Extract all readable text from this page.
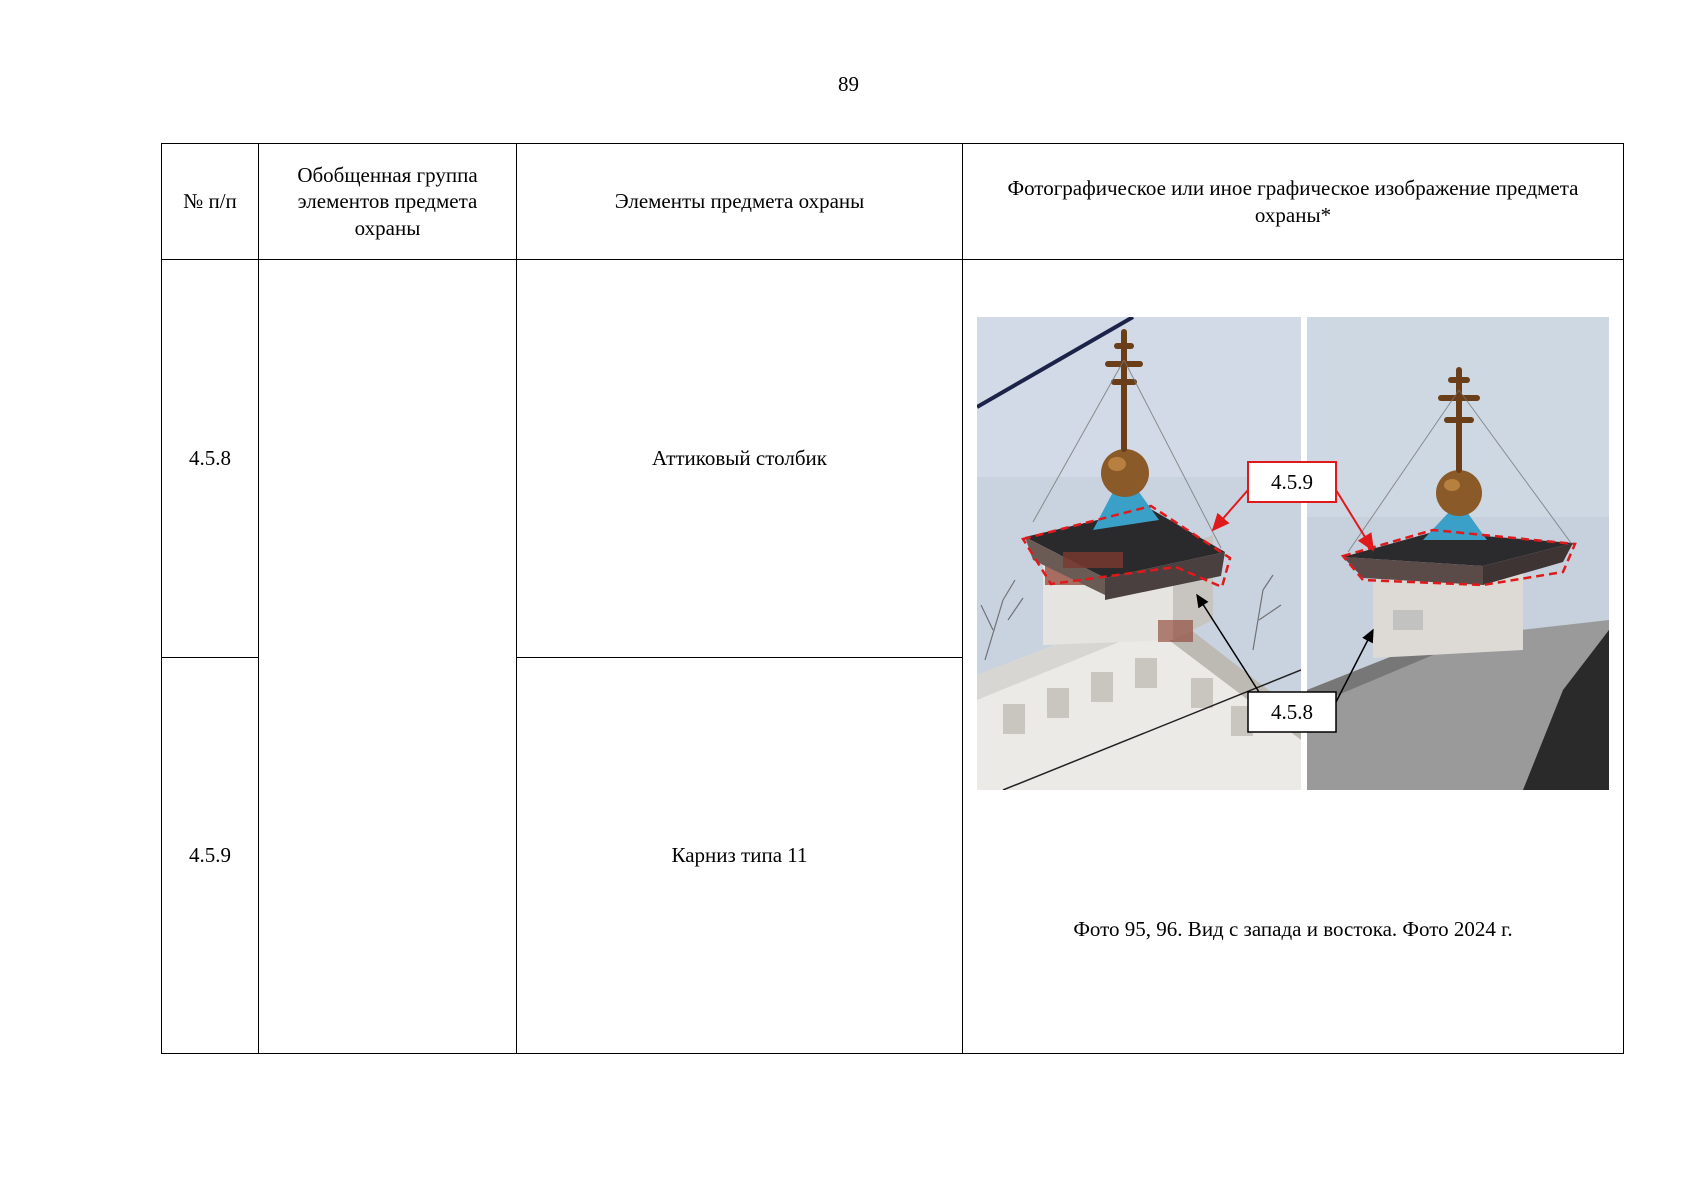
89
№ п/п	Обобщенная группа элементов предмета охраны	Элементы предмета охраны	Фотографическое или иное графическое изображение предмета охраны*
4.5.8		Аттиковый столбик	4.5.9
4.5.8
Фото 95, 96. Вид с запада и востока. Фото 2024 г.

4.5.9		Карниз типа 11	
